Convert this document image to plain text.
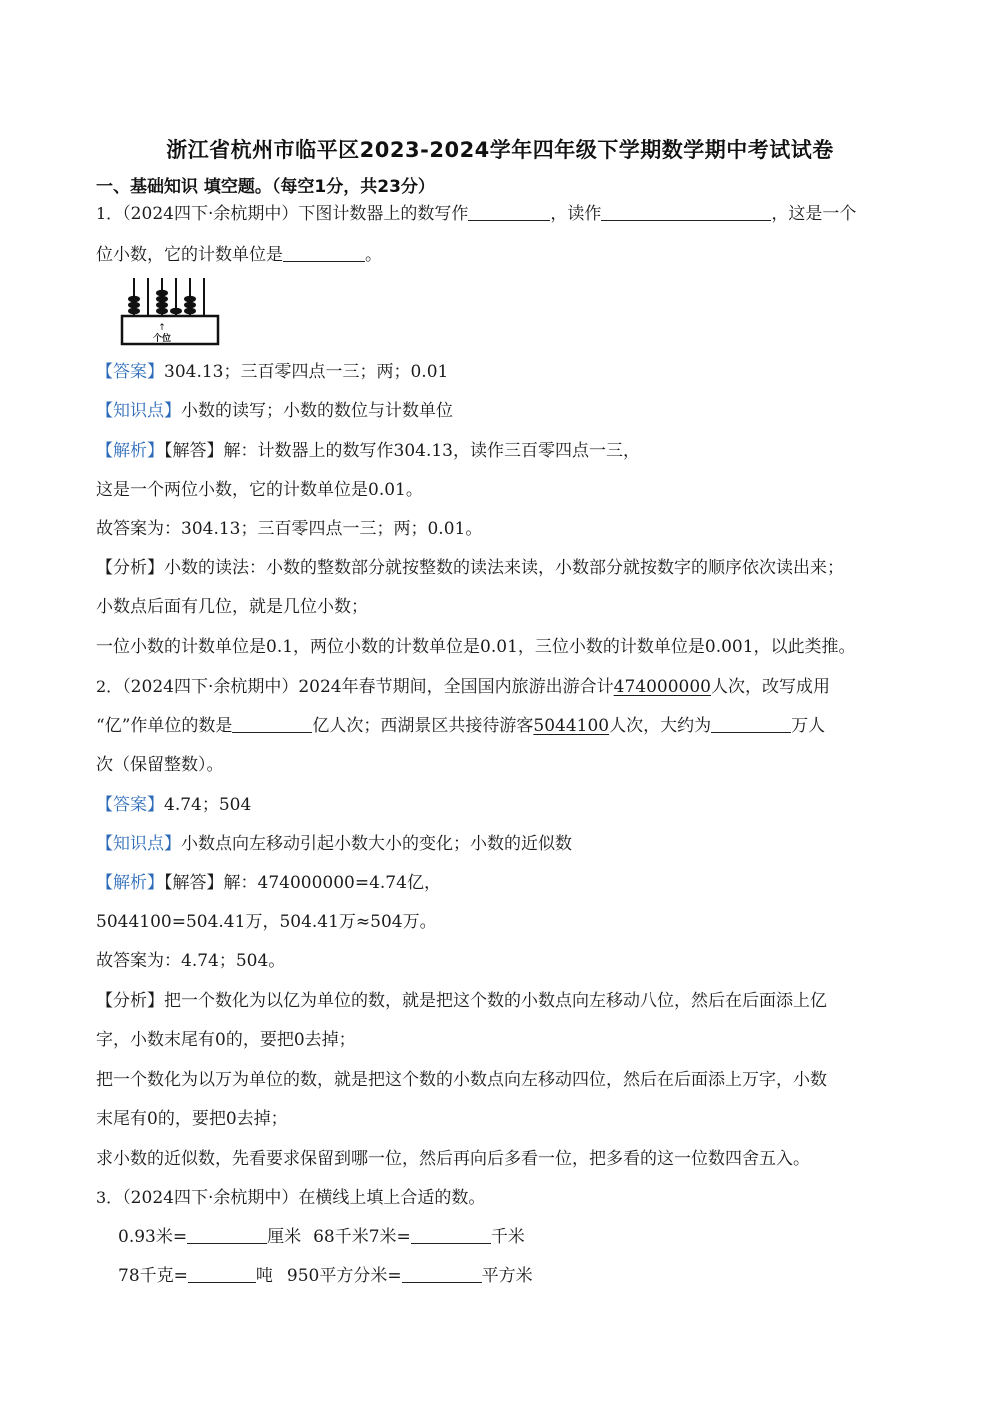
浙江省杭州市临平区2023-2024学年四年级下学期数学期中考试试卷
一、基础知识 填空题。（每空1分，共23分）
1．（2024四下·余杭期中）下图计数器上的数写作	，读作	，这是一个
位小数，它的计数单位是	。
↑
个位
【答案】304.13；三百零四点一三；两；0.01
【知识点】小数的读写；小数的数位与计数单位
【解析】【解答】解：计数器上的数写作304.13，读作三百零四点一三，
这是一个两位小数，它的计数单位是0.01。
故答案为：304.13；三百零四点一三；两；0.01。
【分析】小数的读法：小数的整数部分就按整数的读法来读，小数部分就按数字的顺序依次读出来；
小数点后面有几位，就是几位小数；
一位小数的计数单位是0.1，两位小数的计数单位是0.01，三位小数的计数单位是0.001，以此类推。
2．（2024四下·余杭期中）2024年春节期间，全国国内旅游出游合计474000000人次，改写成用
“亿”作单位的数是	亿人次；西湖景区共接待游客5044100人次，大约为	万人
次（保留整数）。
【答案】4.74；504
【知识点】小数点向左移动引起小数大小的变化；小数的近似数
【解析】【解答】解：474000000=4.74亿，
5044100=504.41万，504.41万≈504万。
故答案为：4.74；504。
【分析】把一个数化为以亿为单位的数，就是把这个数的小数点向左移动八位，然后在后面添上亿
字，小数末尾有0的，要把0去掉；
把一个数化为以万为单位的数，就是把这个数的小数点向左移动四位，然后在后面添上万字，小数
末尾有0的，要把0去掉；
求小数的近似数，先看要求保留到哪一位，然后再向后多看一位，把多看的这一位数四舍五入。
3．（2024四下·余杭期中）在横线上填上合适的数。
0.93米=	厘米 68千米7米=	千米
78千克=	吨 950平方分米=	平方米
